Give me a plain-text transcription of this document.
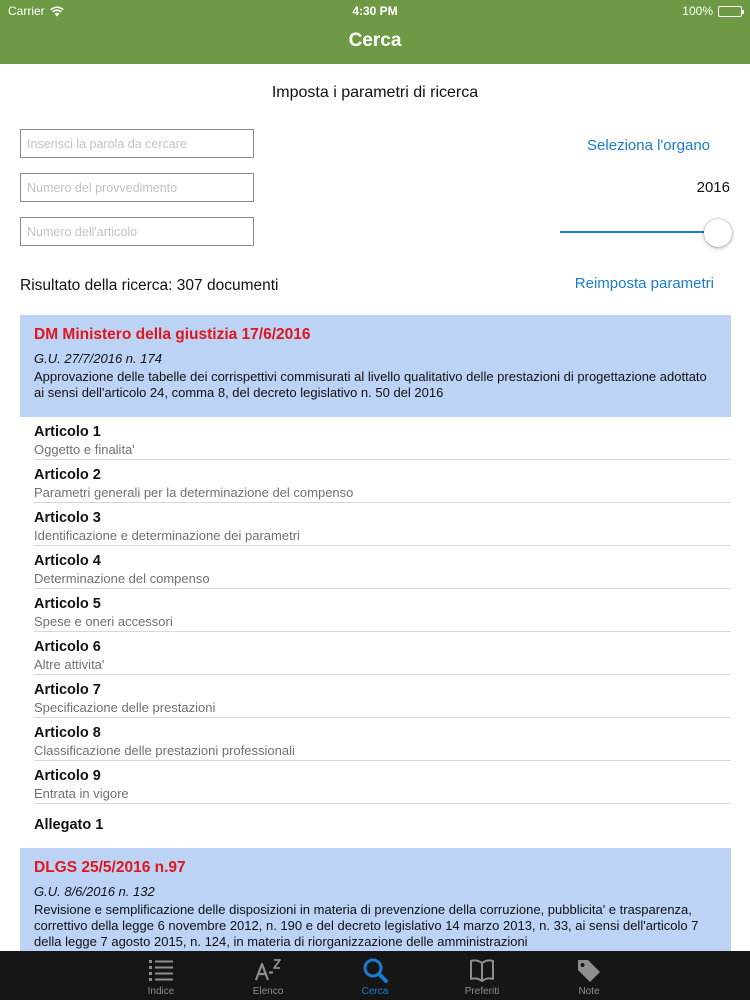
Carrier	4:30 PM	100%
Cerca
Imposta i parametri di ricerca
Inserisci la parola da cercare
Numero del provvedimento
Numero dell'articolo
Seleziona l'organo
2016
Risultato della ricerca: 307 documenti	Reimposta parametri
DM Ministero della giustizia 17/6/2016
G.U. 27/7/2016 n. 174
Approvazione delle tabelle dei corrispettivi commisurati al livello qualitativo delle prestazioni di progettazione adottato ai sensi dell'articolo 24, comma 8, del decreto legislativo n. 50 del 2016
Articolo 1
Oggetto e finalita'
Articolo 2
Parametri generali per la determinazione del compenso
Articolo 3
Identificazione e determinazione dei parametri
Articolo 4
Determinazione del compenso
Articolo 5
Spese e oneri accessori
Articolo 6
Altre attivita'
Articolo 7
Specificazione delle prestazioni
Articolo 8
Classificazione delle prestazioni professionali
Articolo 9
Entrata in vigore
Allegato 1
DLGS 25/5/2016 n.97
G.U. 8/6/2016 n. 132
Revisione e semplificazione delle disposizioni in materia di prevenzione della corruzione, pubblicita' e trasparenza, correttivo della legge 6 novembre 2012, n. 190 e del decreto legislativo 14 marzo 2013, n. 33, ai sensi dell'articolo 7 della legge 7 agosto 2015, n. 124, in materia di riorganizzazione delle amministrazioni
Indice	Elenco	Cerca	Preferiti	Note
